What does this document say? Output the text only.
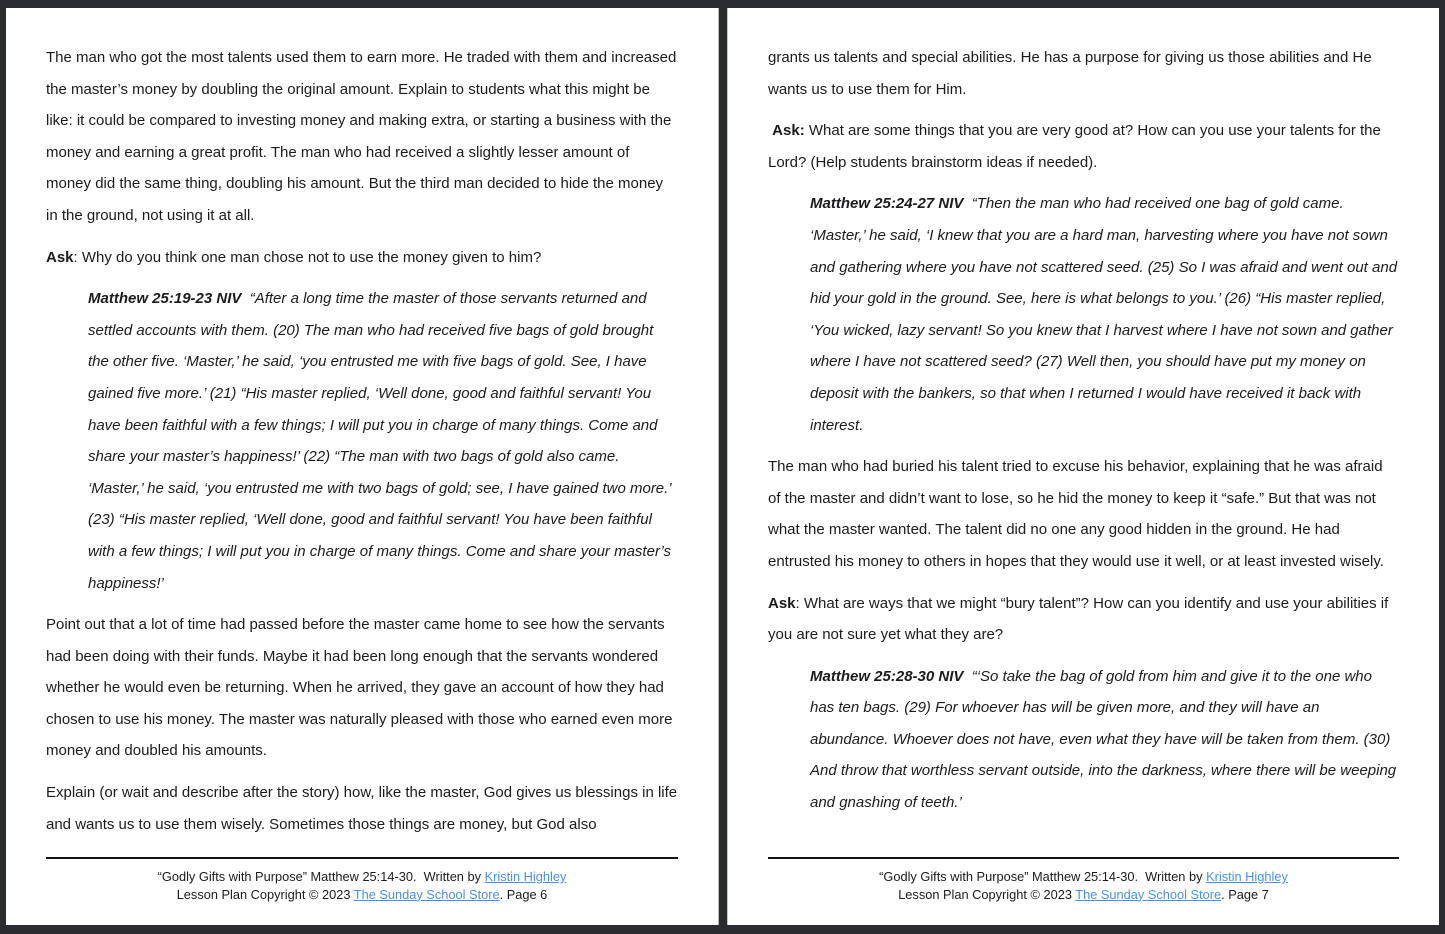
The man who got the most talents used them to earn more. He traded with them and increased the master’s money by doubling the original amount. Explain to students what this might be like: it could be compared to investing money and making extra, or starting a business with the money and earning a great profit. The man who had received a slightly lesser amount of money did the same thing, doubling his amount. But the third man decided to hide the money in the ground, not using it at all.
Ask: Why do you think one man chose not to use the money given to him?
Matthew 25:19-23 NIV  “After a long time the master of those servants returned and settled accounts with them. (20) The man who had received five bags of gold brought the other five. ‘Master,’ he said, ‘you entrusted me with five bags of gold. See, I have gained five more.’ (21) “His master replied, ‘Well done, good and faithful servant! You have been faithful with a few things; I will put you in charge of many things. Come and share your master’s happiness!’ (22) “The man with two bags of gold also came. ‘Master,’ he said, ‘you entrusted me with two bags of gold; see, I have gained two more.’ (23) “His master replied, ‘Well done, good and faithful servant! You have been faithful with a few things; I will put you in charge of many things. Come and share your master’s happiness!’
Point out that a lot of time had passed before the master came home to see how the servants had been doing with their funds. Maybe it had been long enough that the servants wondered whether he would even be returning. When he arrived, they gave an account of how they had chosen to use his money. The master was naturally pleased with those who earned even more money and doubled his amounts.
Explain (or wait and describe after the story) how, like the master, God gives us blessings in life and wants us to use them wisely. Sometimes those things are money, but God also
“Godly Gifts with Purpose” Matthew 25:14-30.  Written by Kristin Highley
Lesson Plan Copyright © 2023 The Sunday School Store. Page 6
grants us talents and special abilities. He has a purpose for giving us those abilities and He wants us to use them for Him.
Ask: What are some things that you are very good at? How can you use your talents for the Lord? (Help students brainstorm ideas if needed).
Matthew 25:24-27 NIV  “Then the man who had received one bag of gold came. ‘Master,’ he said, ‘I knew that you are a hard man, harvesting where you have not sown and gathering where you have not scattered seed. (25) So I was afraid and went out and hid your gold in the ground. See, here is what belongs to you.’ (26) “His master replied, ‘You wicked, lazy servant! So you knew that I harvest where I have not sown and gather where I have not scattered seed? (27) Well then, you should have put my money on deposit with the bankers, so that when I returned I would have received it back with interest.
The man who had buried his talent tried to excuse his behavior, explaining that he was afraid of the master and didn’t want to lose, so he hid the money to keep it “safe.” But that was not what the master wanted. The talent did no one any good hidden in the ground. He had entrusted his money to others in hopes that they would use it well, or at least invested wisely.
Ask: What are ways that we might “bury talent”? How can you identify and use your abilities if you are not sure yet what they are?
Matthew 25:28-30 NIV  “‘So take the bag of gold from him and give it to the one who has ten bags. (29) For whoever has will be given more, and they will have an abundance. Whoever does not have, even what they have will be taken from them. (30) And throw that worthless servant outside, into the darkness, where there will be weeping and gnashing of teeth.’
“Godly Gifts with Purpose” Matthew 25:14-30.  Written by Kristin Highley
Lesson Plan Copyright © 2023 The Sunday School Store. Page 7
